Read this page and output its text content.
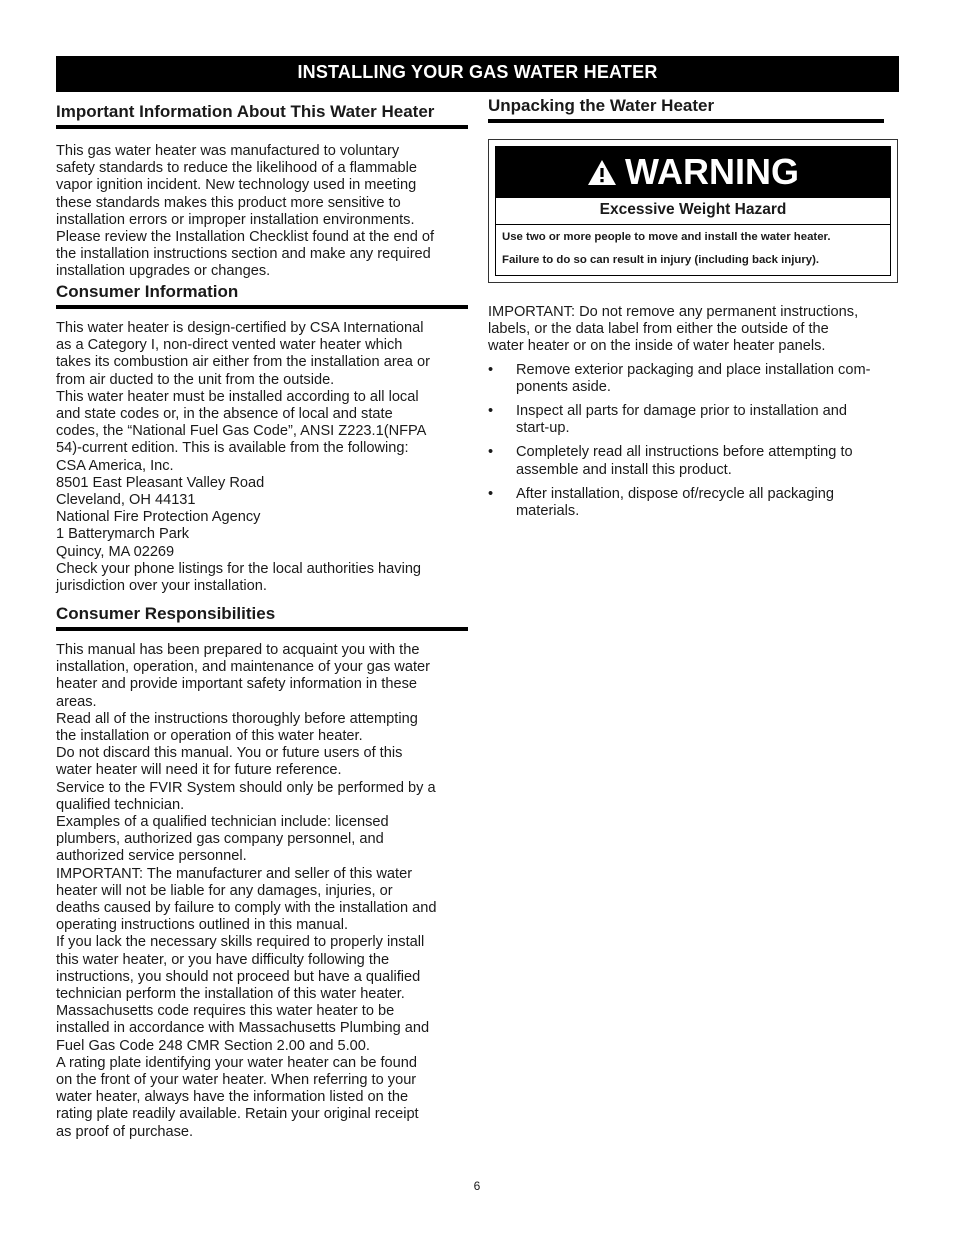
INSTALLING YOUR GAS WATER HEATER
Important Information About This Water Heater
This gas water heater was manufactured to voluntary
safety standards to reduce the likelihood of a flammable
vapor ignition incident. New technology used in meeting
these standards makes this product more sensitive to
installation errors or improper installation environments.
Please review the Installation Checklist found at the end of
the installation instructions section and make any required
installation upgrades or changes.
Consumer Information
This water heater is design-certified by CSA International
as a Category I, non-direct vented water heater which
takes its combustion air either from the installation area or
from air ducted to the unit from the outside.
This water heater must be installed according to all local
and state codes or, in the absence of local and state
codes, the “National Fuel Gas Code”, ANSI Z223.1(NFPA
54)-current edition. This is available from the following:
CSA America, Inc.
8501 East Pleasant Valley Road
Cleveland, OH 44131
National Fire Protection Agency
1 Batterymarch Park
Quincy, MA 02269
Check your phone listings for the local authorities having
jurisdiction over your installation.
Consumer Responsibilities
This manual has been prepared to acquaint you with the
installation, operation, and maintenance of your gas water
heater and provide important safety information in these
areas.
Read all of the instructions thoroughly before attempting
the installation or operation of this water heater.
Do not discard this manual. You or future users of this
water heater will need it for future reference.
Service to the FVIR System should only be performed by a
qualified technician.
Examples of a qualified technician include: licensed
plumbers, authorized gas company personnel, and
authorized service personnel.
IMPORTANT: The manufacturer and seller of this water
heater will not be liable for any damages, injuries, or
deaths caused by failure to comply with the installation and
operating instructions outlined in this manual.
If you lack the necessary skills required to properly install
this water heater, or you have difficulty following the
instructions, you should not proceed but have a qualified
technician perform the installation of this water heater.
Massachusetts code requires this water heater to be
installed in accordance with Massachusetts Plumbing and
Fuel Gas Code 248 CMR Section 2.00 and 5.00.
A rating plate identifying your water heater can be found
on the front of your water heater. When referring to your
water heater, always have the information listed on the
rating plate readily available. Retain your original receipt
as proof of purchase.
Unpacking the Water Heater
WARNING
Excessive Weight Hazard
Use two or more people to move and install the water heater.
Failure to do so can result in injury (including back injury).
IMPORTANT: Do not remove any permanent instructions,
labels, or the data label from either the outside of the
water heater or on the inside of water heater panels.
• Remove exterior packaging and place installation com-
ponents aside.
• Inspect all parts for damage prior to installation and
start-up.
• Completely read all instructions before attempting to
assemble and install this product.
• After installation, dispose of/recycle all packaging
materials.
6
